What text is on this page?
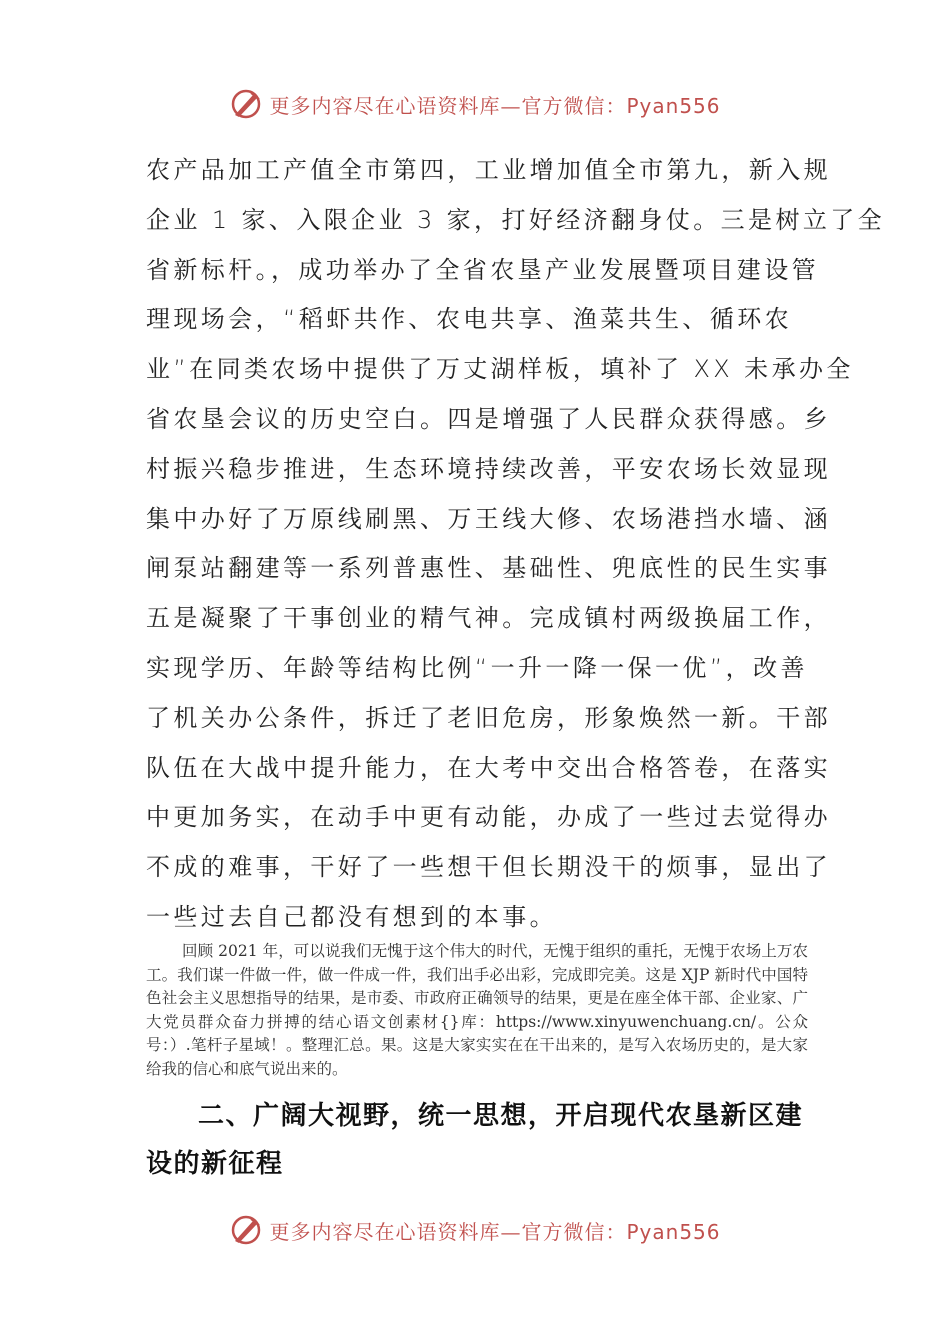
更多内容尽在心语资料库—官方微信：Pyan556
农产品加工产值全市第四，工业增加值全市第九，新入规
企业 1 家、入限企业 3 家，打好经济翻身仗。三是树立了全
省新标杆。，成功举办了全省农垦产业发展暨项目建设管
理现场会，“稻虾共作、农电共享、渔菜共生、循环农
业”在同类农场中提供了万丈湖样板，填补了 XX 未承办全
省农垦会议的历史空白。四是增强了人民群众获得感。乡
村振兴稳步推进，生态环境持续改善，平安农场长效显现
集中办好了万原线刷黑、万王线大修、农场港挡水墙、涵
闸泵站翻建等一系列普惠性、基础性、兜底性的民生实事
五是凝聚了干事创业的精气神。完成镇村两级换届工作，
实现学历、年龄等结构比例“一升一降一保一优”，改善
了机关办公条件，拆迁了老旧危房，形象焕然一新。干部
队伍在大战中提升能力，在大考中交出合格答卷，在落实
中更加务实，在动手中更有动能，办成了一些过去觉得办
不成的难事，干好了一些想干但长期没干的烦事，显出了
一些过去自己都没有想到的本事。

回顾 2021 年，可以说我们无愧于这个伟大的时代，无愧于组织的重托，无愧于农场上万农工。我们谋一件做一件，做一件成一件，我们出手必出彩，完成即完美。这是 XJP 新时代中国特色社会主义思想指导的结果，是市委、市政府正确领导的结果，更是在座全体干部、企业家、广大党员群众奋力拼搏的结心语文创素材{}库：https://www.xinyuwenchuang.cn/。公众号：）.笔杆子星域！。整理汇总。果。这是大家实实在在干出来的，是写入农场历史的，是大家给我的信心和底气说出来的。

二、广阔大视野，统一思想，开启现代农垦新区建设的新征程
更多内容尽在心语资料库—官方微信：Pyan556
